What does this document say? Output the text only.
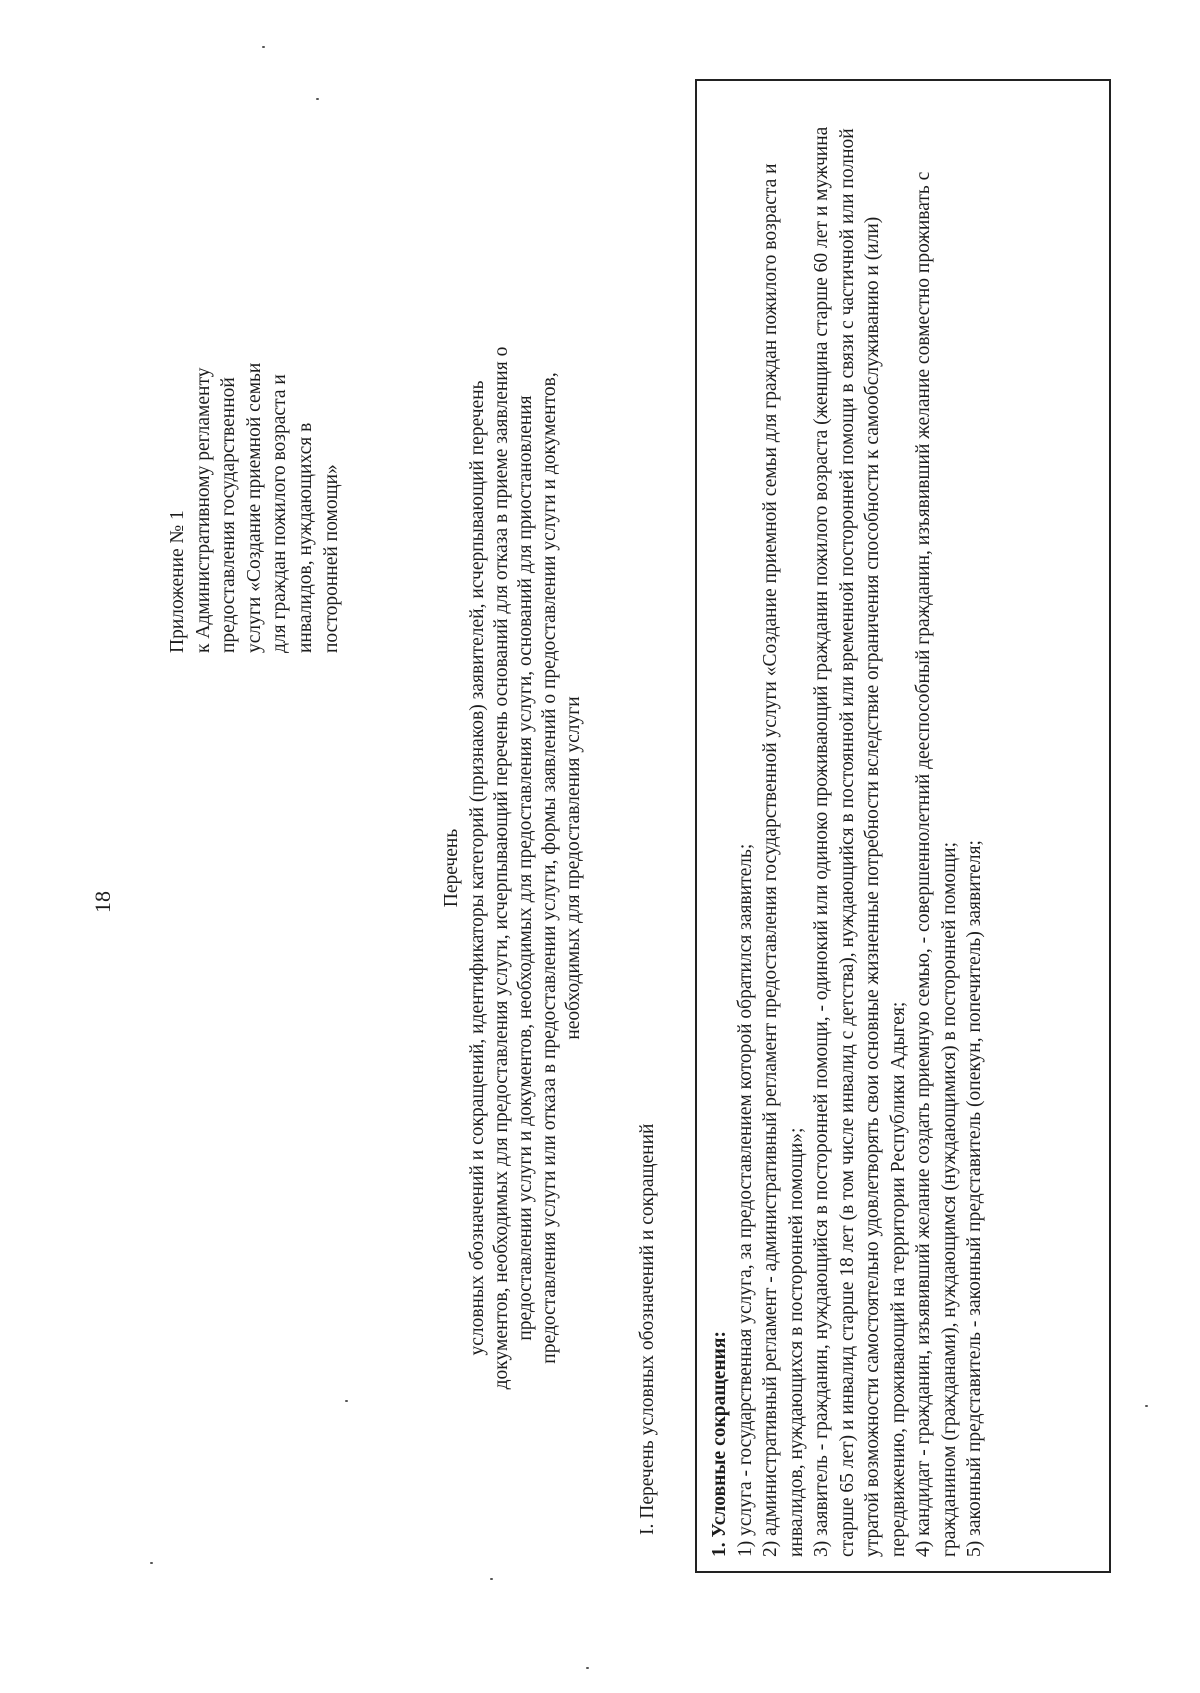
18
Приложение № 1 к Административному регламенту предоставления государственной услуги «Создание приемной семьи для граждан пожилого возраста и инвалидов, нуждающихся в посторонней помощи»
Перечень условных обозначений и сокращений, идентификаторы категорий (признаков) заявителей, исчерпывающий перечень документов, необходимых для предоставления услуги, исчерпывающий перечень оснований для отказа в приеме заявления о предоставлении услуги и документов, необходимых для предоставления услуги, оснований для приостановления предоставления услуги или отказа в предоставлении услуги, формы заявлений о предоставлении услуги и документов, необходимых для предоставления услуги
I. Перечень условных обозначений и сокращений	1. Условные сокращения: 1) услуга - государственная услуга, за предоставлением которой обратился заявитель; 2) административный регламент - административный регламент предоставления государственной услуги «Создание приемной семьи для граждан пожилого возраста и инвалидов, нуждающихся в посторонней помощи»; 3) заявитель - гражданин, нуждающийся в посторонней помощи, - одинокий или одиноко проживающий гражданин пожилого возраста (женщина старше 60 лет и мужчина старше 65 лет) и инвалид старше 18 лет (в том числе инвалид с детства), нуждающийся в постоянной или временной посторонней помощи в связи с частичной или полной утратой возможности самостоятельно удовлетворять свои основные жизненные потребности вследствие ограничения способности к самообслуживанию и (или) передвижению, проживающий на территории Республики Адыгея; 4) кандидат - гражданин, изъявивший желание создать приемную семью, - совершеннолетний дееспособный гражданин, изъявивший желание совместно проживать с гражданином (гражданами), нуждающимся (нуждающимися) в посторонней помощи; 5) законный представитель - законный представитель (опекун, попечитель) заявителя;
